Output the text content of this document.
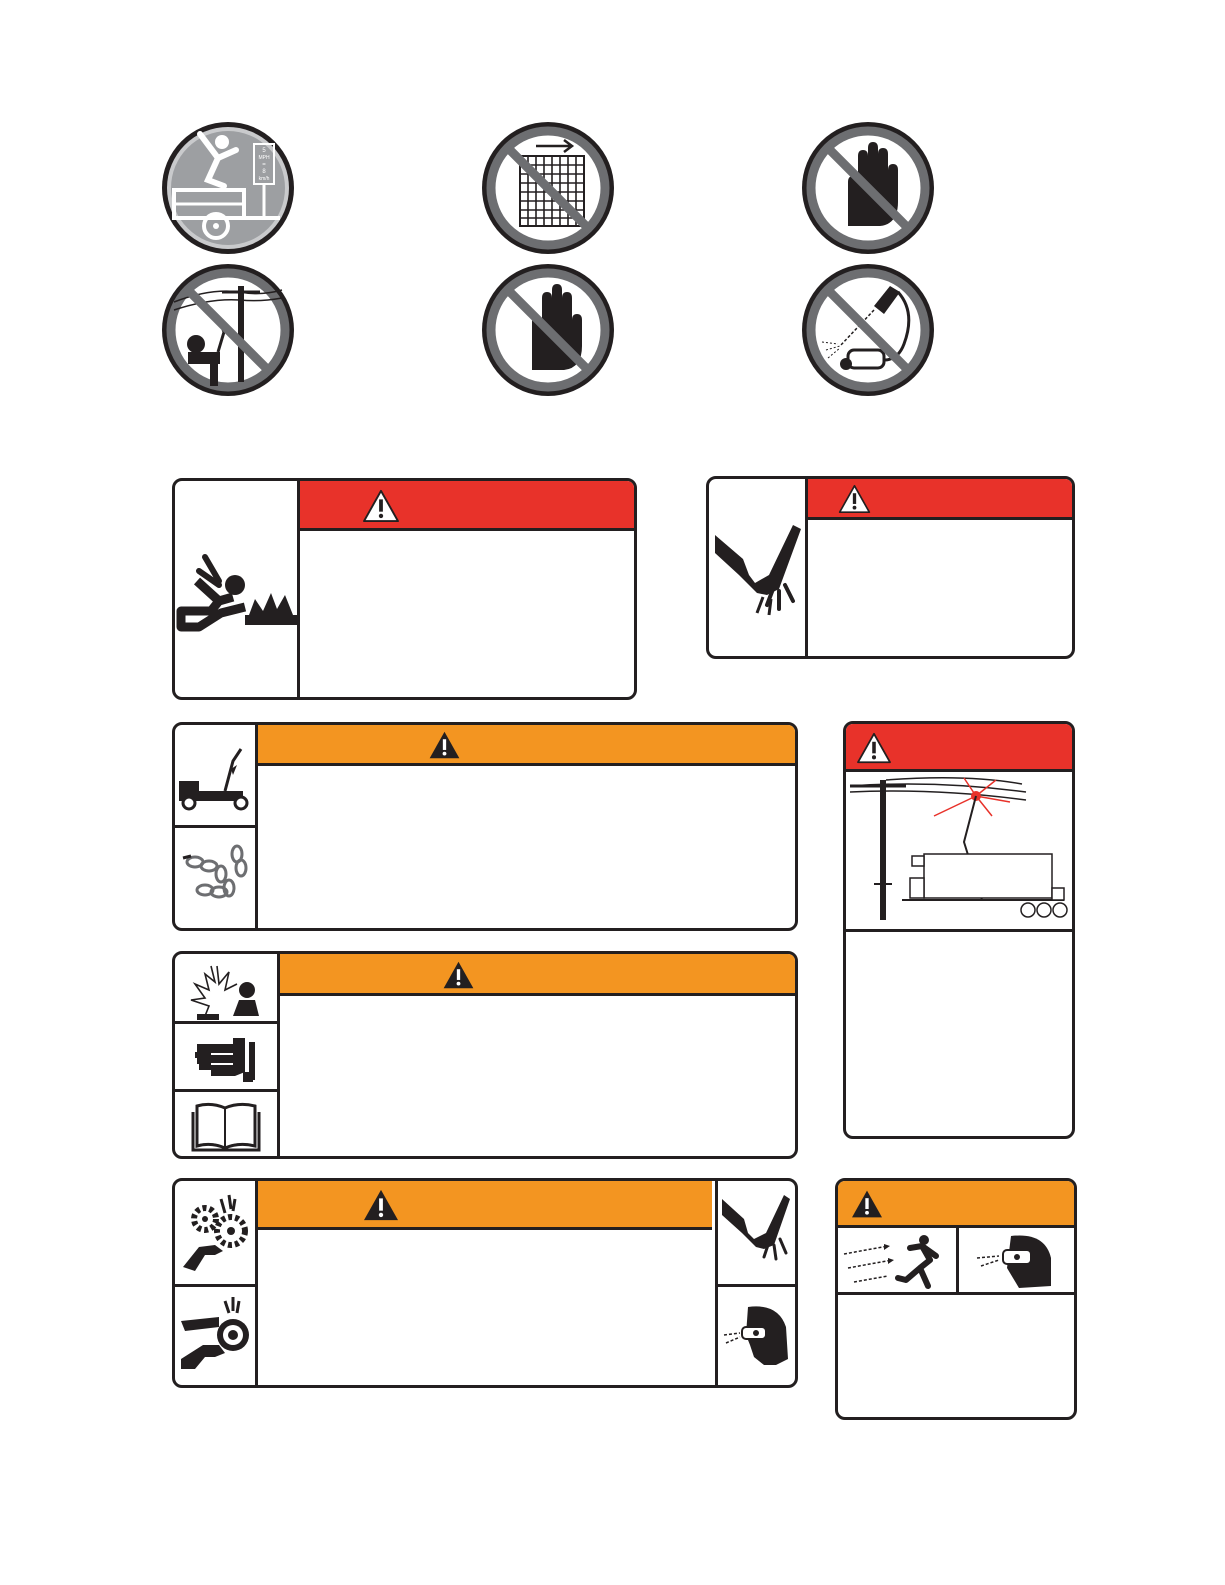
5
MPH
=
8
km/h
